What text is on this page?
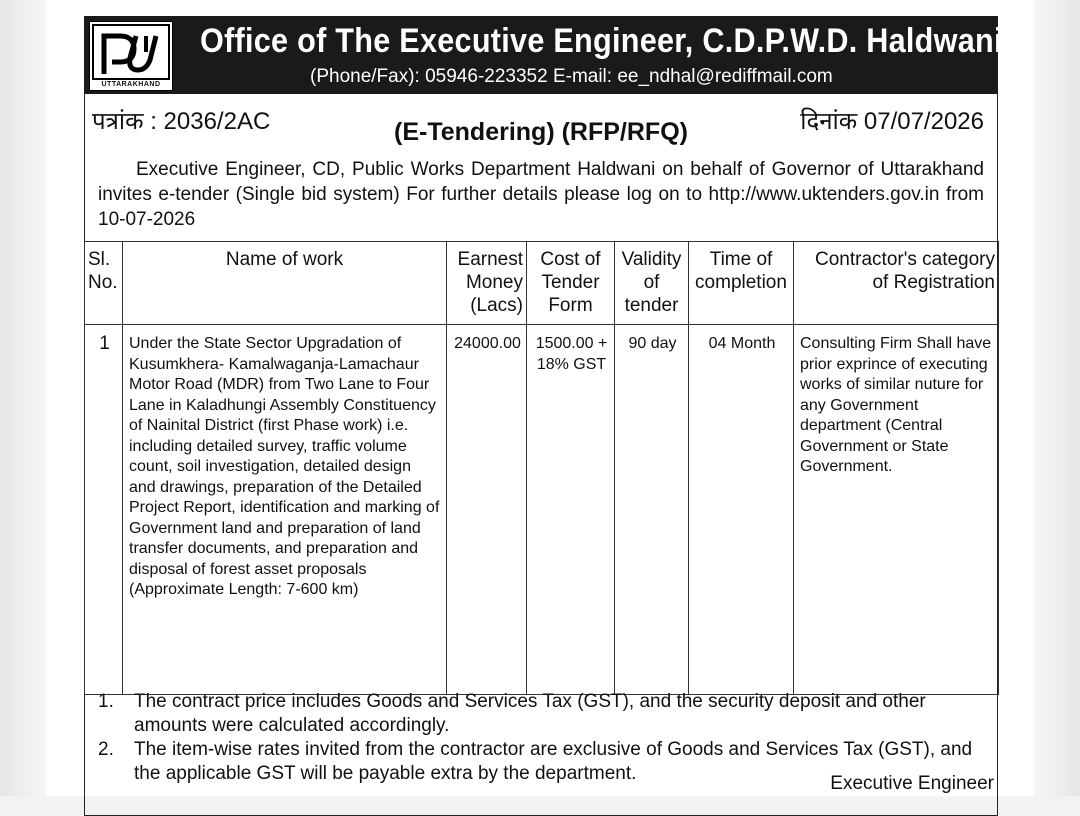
UTTARAKHAND
Office of The Executive Engineer, C.D.P.W.D. Haldwani.
(Phone/Fax): 05946-223352 E-mail: ee_ndhal@rediffmail.com
पत्रांक : 2036/2AC	दिनांक 07/07/2026
(E-Tendering) (RFP/RFQ)
Executive Engineer, CD, Public Works Department Haldwani on behalf of Governor of Uttarakhand invites e-tender (Single bid system) For further details please log on to http://www.uktenders.gov.in from 10-07-2026
Sl. No.	Name of work	Earnest Money (Lacs)	Cost of Tender Form	Validity of tender	Time of completion	Contractor's category of Registration
1	Under the State Sector Upgradation of Kusumkhera- Kamalwaganja-Lamachaur Motor Road (MDR) from Two Lane to Four Lane in Kaladhungi Assembly Constituency of Nainital District (first Phase work) i.e. including detailed survey, traffic volume count, soil investigation, detailed design and drawings, preparation of the Detailed Project Report, identification and marking of Government land and preparation of land transfer documents, and preparation and disposal of forest asset proposals (Approximate Length: 7-600 km)	24000.00	1500.00 + 18% GST	90 day	04 Month	Consulting Firm Shall have prior exprince of executing works of similar nuture for any Government department (Central Government or State Government.
1.	The contract price includes Goods and Services Tax (GST), and the security deposit and other amounts were calculated accordingly.
2.	The item-wise rates invited from the contractor are exclusive of Goods and Services Tax (GST), and the applicable GST will be payable extra by the department.	Executive Engineer
